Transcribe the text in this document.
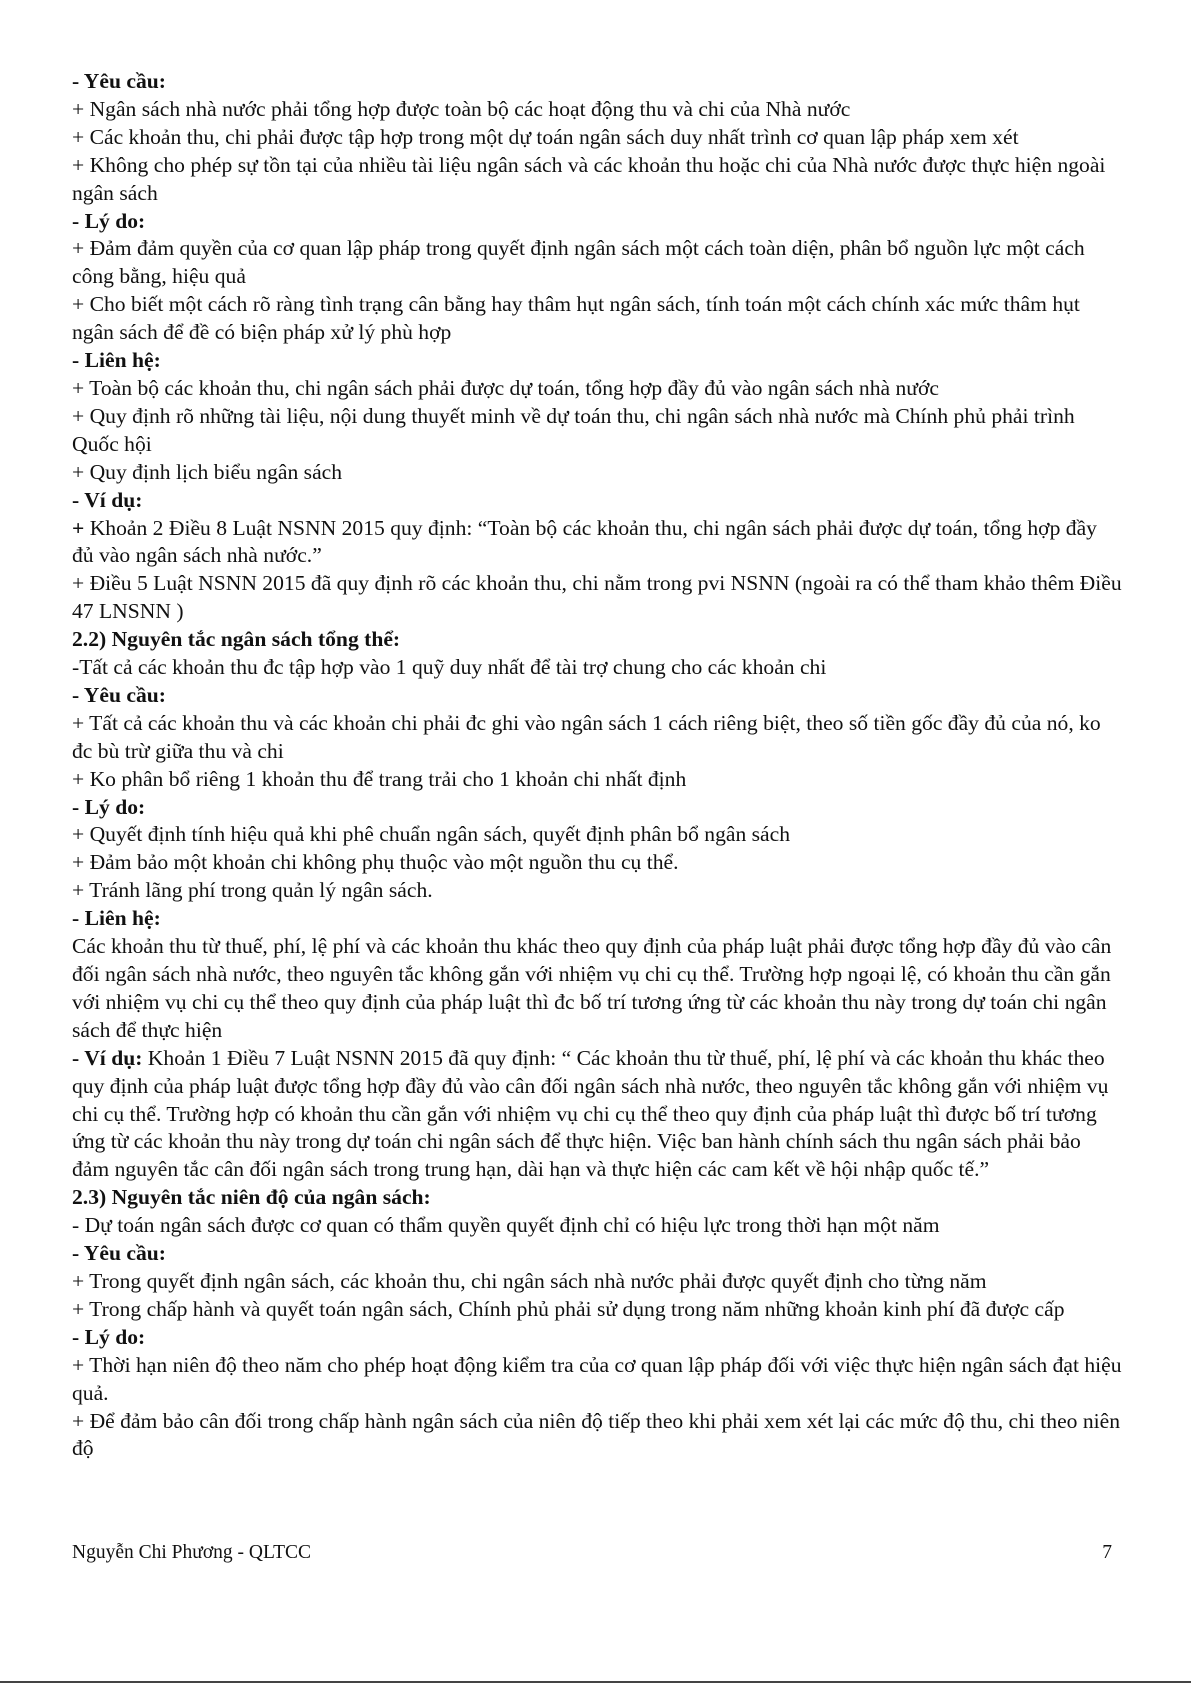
- Yêu cầu:

+ Ngân sách nhà nước phải tổng hợp được toàn bộ các hoạt động thu và chi của Nhà nước

+ Các khoản thu, chi phải được tập hợp trong một dự toán ngân sách duy nhất trình cơ quan lập pháp xem xét

+ Không cho phép sự tồn tại của nhiều tài liệu ngân sách và các khoản thu hoặc chi của Nhà nước được thực hiện ngoài ngân sách

- Lý do:

+ Đảm đảm quyền của cơ quan lập pháp trong quyết định ngân sách một cách toàn diện, phân bổ nguồn lực một cách công bằng, hiệu quả

+ Cho biết một cách rõ ràng tình trạng cân bằng hay thâm hụt ngân sách, tính toán một cách chính xác mức thâm hụt ngân sách để đề có biện pháp xử lý phù hợp

- Liên hệ:

+ Toàn bộ các khoản thu, chi ngân sách phải được dự toán, tổng hợp đầy đủ vào ngân sách nhà nước

+ Quy định rõ những tài liệu, nội dung thuyết minh về dự toán thu, chi ngân sách nhà nước mà Chính phủ phải trình Quốc hội

+ Quy định lịch biểu ngân sách

- Ví dụ:

+ Khoản 2 Điều 8 Luật NSNN 2015 quy định: “Toàn bộ các khoản thu, chi ngân sách phải được dự toán, tổng hợp đầy đủ vào ngân sách nhà nước.”

+ Điều 5 Luật NSNN 2015 đã quy định rõ các khoản thu, chi nằm trong pvi NSNN (ngoài ra có thể tham khảo thêm Điều 47 LNSNN )

2.2) Nguyên tắc ngân sách tổng thể:

-Tất cả các khoản thu đc tập hợp vào 1 quỹ duy nhất để tài trợ chung cho các khoản chi

- Yêu cầu:

+ Tất cả các khoản thu và các khoản chi phải đc ghi vào ngân sách 1 cách riêng biệt, theo số tiền gốc đầy đủ của nó, ko đc bù trừ giữa thu và chi

+ Ko phân bổ riêng 1 khoản thu để trang trải cho 1 khoản chi nhất định

- Lý do:

+ Quyết định tính hiệu quả khi phê chuẩn ngân sách, quyết định phân bổ ngân sách

+ Đảm bảo một khoản chi không phụ thuộc vào một nguồn thu cụ thể.

+ Tránh lãng phí trong quản lý ngân sách.

- Liên hệ:

Các khoản thu từ thuế, phí, lệ phí và các khoản thu khác theo quy định của pháp luật phải được tổng hợp đầy đủ vào cân đối ngân sách nhà nước, theo nguyên tắc không gắn với nhiệm vụ chi cụ thể. Trường hợp ngoại lệ, có khoản thu cần gắn với nhiệm vụ chi cụ thể theo quy định của pháp luật thì đc bố trí tương ứng từ các khoản thu này trong dự toán chi ngân sách để thực hiện

- Ví dụ: Khoản 1 Điều 7 Luật NSNN 2015 đã quy định: “ Các khoản thu từ thuế, phí, lệ phí và các khoản thu khác theo quy định của pháp luật được tổng hợp đầy đủ vào cân đối ngân sách nhà nước, theo nguyên tắc không gắn với nhiệm vụ chi cụ thể. Trường hợp có khoản thu cần gắn với nhiệm vụ chi cụ thể theo quy định của pháp luật thì được bố trí tương ứng từ các khoản thu này trong dự toán chi ngân sách để thực hiện. Việc ban hành chính sách thu ngân sách phải bảo đảm nguyên tắc cân đối ngân sách trong trung hạn, dài hạn và thực hiện các cam kết về hội nhập quốc tế.”

2.3) Nguyên tắc niên độ của ngân sách:

- Dự toán ngân sách được cơ quan có thẩm quyền quyết định chỉ có hiệu lực trong thời hạn một năm

- Yêu cầu:

+ Trong quyết định ngân sách, các khoản thu, chi ngân sách nhà nước phải được quyết định cho từng năm

+ Trong chấp hành và quyết toán ngân sách, Chính phủ phải sử dụng trong năm những khoản kinh phí đã được cấp

- Lý do:

+ Thời hạn niên độ theo năm cho phép hoạt động kiểm tra của cơ quan lập pháp đối với việc thực hiện ngân sách đạt hiệu quả.

+ Để đảm bảo cân đối trong chấp hành ngân sách của niên độ tiếp theo khi phải xem xét lại các mức độ thu, chi theo niên độ

Nguyễn Chi Phương - QLTCC	7
